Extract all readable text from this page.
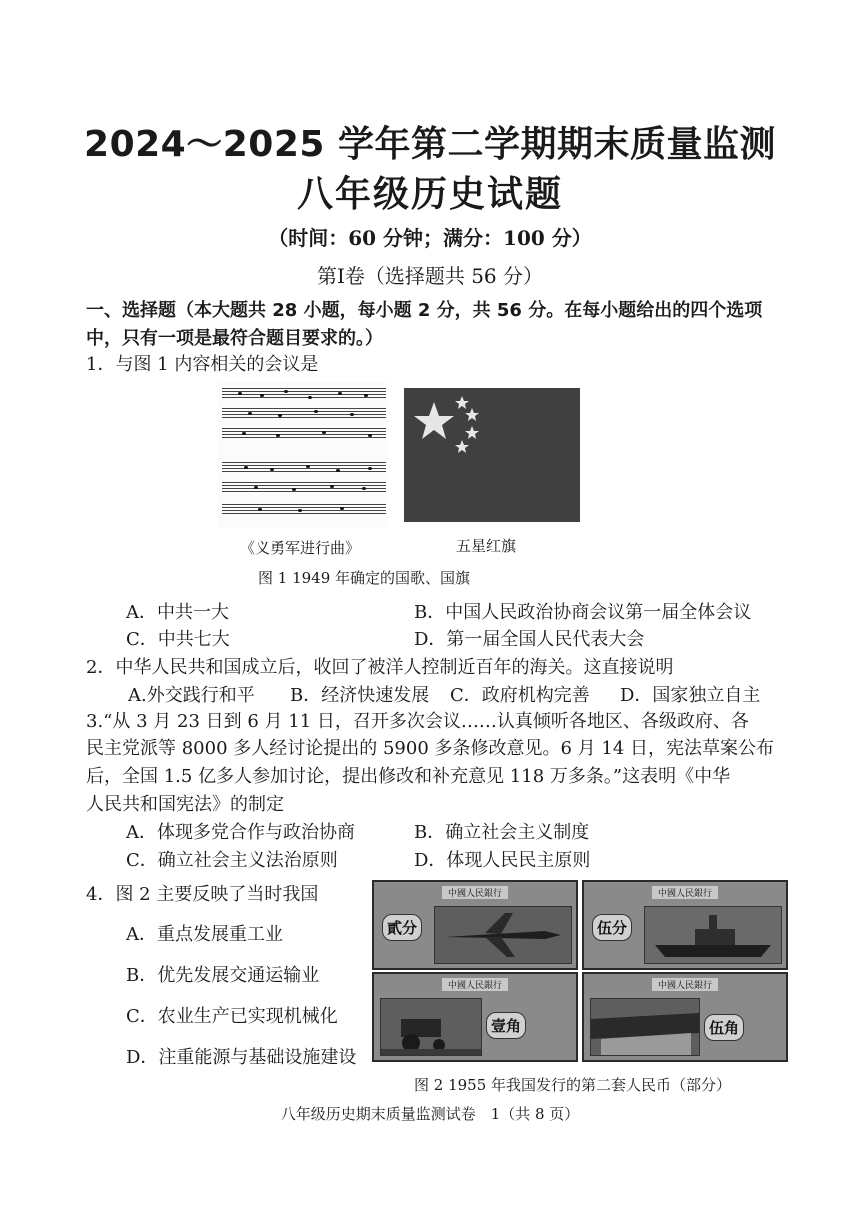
2024～2025 学年第二学期期末质量监测
八年级历史试题
（时间：60 分钟；满分：100 分）
第Ⅰ卷（选择题共 56 分）
一、选择题（本大题共 28 小题，每小题 2 分，共 56 分。在每小题给出的四个选项
中，只有一项是最符合题目要求的。）
1．与图 1 内容相关的会议是
《义勇军进行曲》	五星红旗
图 1 1949 年确定的国歌、国旗
A．中共一大	B．中国人民政治协商会议第一届全体会议
C．中共七大	D．第一届全国人民代表大会
2．中华人民共和国成立后，收回了被洋人控制近百年的海关。这直接说明
A.外交践行和平 B．经济快速发展 C．政府机构完善 D．国家独立自主
3.“从 3 月 23 日到 6 月 11 日，召开多次会议……认真倾听各地区、各级政府、各
民主党派等 8000 多人经讨论提出的 5900 多条修改意见。6 月 14 日，宪法草案公布
后，全国 1.5 亿多人参加讨论，提出修改和补充意见 118 万多条。”这表明《中华
人民共和国宪法》的制定
A．体现多党合作与政治协商	B．确立社会主义制度
C．确立社会主义法治原则	D．体现人民民主原则
4．图 2 主要反映了当时我国
A．重点发展重工业
B．优先发展交通运输业
C．农业生产已实现机械化
D．注重能源与基础设施建设
中國人民銀行
貳分
中國人民銀行
伍分
中國人民銀行
壹角
中國人民銀行
伍角
图 2 1955 年我国发行的第二套人民币（部分）
八年级历史期末质量监测试卷　1（共 8 页）
